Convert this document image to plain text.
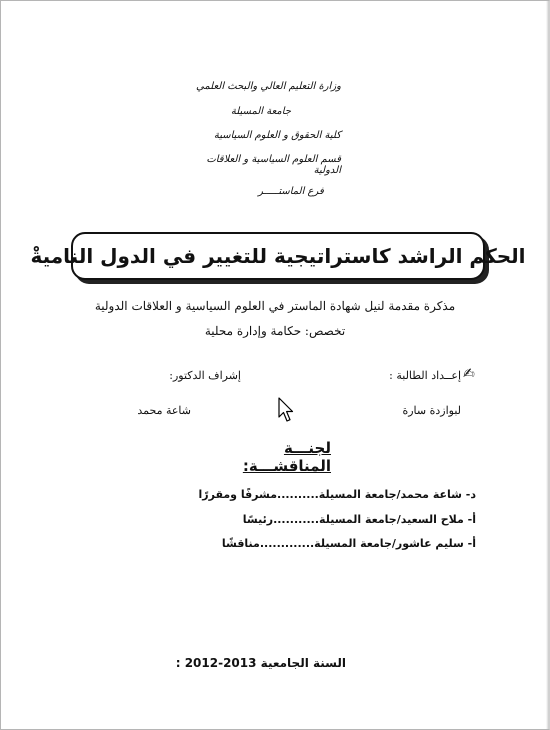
وزارة التعليم العالي والبحث العلمي
جامعة المسيلة
كلية الحقوق و العلوم السياسية
قسم العلوم السياسية و العلاقات الدولية
فرع الماستـــــر
الحكم الراشد كاستراتيجية للتغيير في الدول الناميةْ
مذكرة مقدمة لنيل شهادة الماستر في العلوم السياسية و العلاقات الدولية
تخصص: حكامة وإدارة محلية
إعــداد الطالبة : ✍
إشراف الدكتور:
لبوازدة سارة
شاعة محمد
لجنـــة المناقشـــة:
د- شاعة محمد/جامعة المسيلة..........مشرفًا ومقررًا
أ- ملاح السعيد/جامعة المسيلة...........رئيسًا
أ- سليم عاشور/جامعة المسيلة.............مناقشًا
السنة الجامعية 2013-2012 :
